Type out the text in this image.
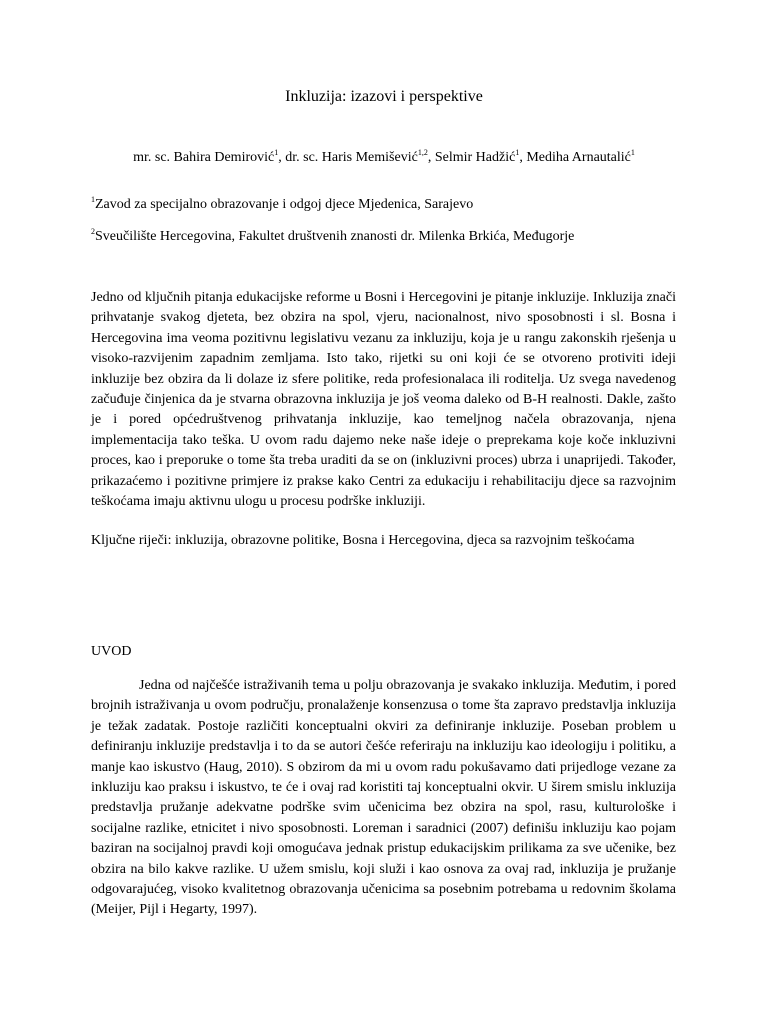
Inkluzija: izazovi i perspektive
mr. sc. Bahira Demirović$^1$, dr. sc. Haris Memišević$^{1,2}$, Selmir Hadžić$^1$, Mediha Arnautalić$^1$
$^1$Zavod za specijalno obrazovanje i odgoj djece Mjedenica, Sarajevo
$^2$Sveučilište Hercegovina, Fakultet društvenih znanosti dr. Milenka Brkića, Međugorje

Jedno od ključnih pitanja edukacijske reforme u Bosni i Hercegovini je pitanje inkluzije. Inkluzija znači prihvatanje svakog djeteta, bez obzira na spol, vjeru, nacionalnost, nivo sposobnosti i sl. Bosna i Hercegovina ima veoma pozitivnu legislativu vezanu za inkluziju, koja je u rangu zakonskih rješenja u visoko-razvijenim zapadnim zemljama. Isto tako, rijetki su oni koji će se otvoreno protiviti ideji inkluzije bez obzira da li dolaze iz sfere politike, reda profesionalaca ili roditelja. Uz svega navedenog začuđuje činjenica da je stvarna obrazovna inkluzija je još veoma daleko od B-H realnosti. Dakle, zašto je i pored općedruštvenog prihvatanja inkluzije, kao temeljnog načela obrazovanja, njena implementacija tako teška. U ovom radu dajemo neke naše ideje o preprekama koje koče inkluzivni proces, kao i preporuke o tome šta treba uraditi da se on (inkluzivni proces) ubrza i unaprijedi. Također, prikazaćemo i pozitivne primjere iz prakse kako Centri za edukaciju i rehabilitaciju djece sa razvojnim teškoćama imaju aktivnu ulogu u procesu podrške inkluziji.

Ključne riječi: inkluzija, obrazovne politike, Bosna i Hercegovina, djeca sa razvojnim teškoćama

UVOD

Jedna od najčešće istraživanih tema u polju obrazovanja je svakako inkluzija. Međutim, i pored brojnih istraživanja u ovom području, pronalaženje konsenzusa o tome šta zapravo predstavlja inkluzija je težak zadatak. Postoje različiti konceptualni okviri za definiranje inkluzije. Poseban problem u definiranju inkluzije predstavlja i to da se autori češće referiraju na inkluziju kao ideologiju i politiku, a manje kao iskustvo (Haug, 2010). S obzirom da mi u ovom radu pokušavamo dati prijedloge vezane za inkluziju kao praksu i iskustvo, te će i ovaj rad koristiti taj konceptualni okvir. U širem smislu inkluzija predstavlja pružanje adekvatne podrške svim učenicima bez obzira na spol, rasu, kulturološke i socijalne razlike, etnicitet i nivo sposobnosti. Loreman i saradnici (2007) definišu inkluziju kao pojam baziran na socijalnoj pravdi koji omogućava jednak pristup edukacijskim prilikama za sve učenike, bez obzira na bilo kakve razlike. U užem smislu, koji služi i kao osnova za ovaj rad, inkluzija je pružanje odgovarajućeg, visoko kvalitetnog obrazovanja učenicima sa posebnim potrebama u redovnim školama (Meijer, Pijl i Hegarty, 1997).
